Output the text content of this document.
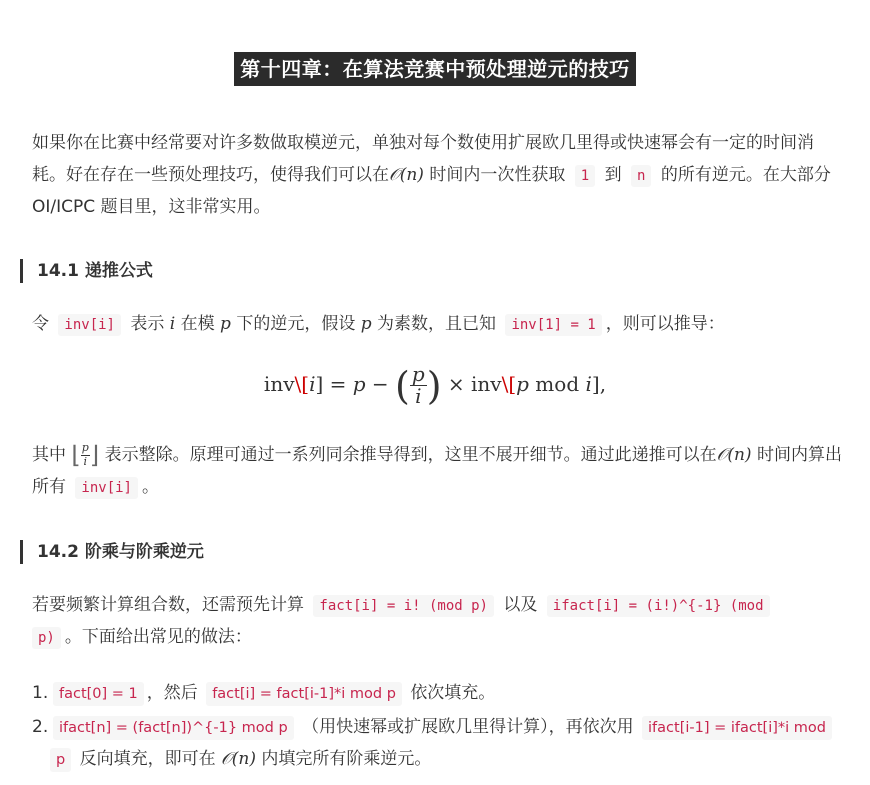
第十四章：在算法竞赛中预处理逆元的技巧
如果你在比赛中经常要对许多数做取模逆元，单独对每个数使用扩展欧几里得或快速幂会有一定的时间消耗。好在存在一些预处理技巧，使得我们可以在𝒪(n) 时间内一次性获取 1 到 n 的所有逆元。在大部分 OI/ICPC 题目里，这非常实用。
14.1 递推公式
令 inv[i] 表示 i 在模 p 下的逆元，假设 p 为素数，且已知 inv[1] = 1 ，则可以推导：
inv\[i] = p − ( $\frac{p}{i}$ ) × inv\[p mod i],
其中 ⌊ $\frac{p}{i}$ ⌋ 表示整除。原理可通过一系列同余推导得到，这里不展开细节。通过此递推可以在𝒪(n) 时间内算出所有 inv[i] 。
14.2 阶乘与阶乘逆元
若要频繁计算组合数，还需预先计算 fact[i] = i! (mod p) 以及 ifact[i] = (i!)^{-1} (mod
p) 。下面给出常见的做法：
1. fact[0] = 1 ，然后 fact[i] = fact[i-1]*i mod p 依次填充。
2. ifact[n] = (fact[n])^{-1} mod p （用快速幂或扩展欧几里得计算），再依次用 ifact[i-1] = ifact[i]*i mod
p 反向填充，即可在 𝒪(n) 内填完所有阶乘逆元。
